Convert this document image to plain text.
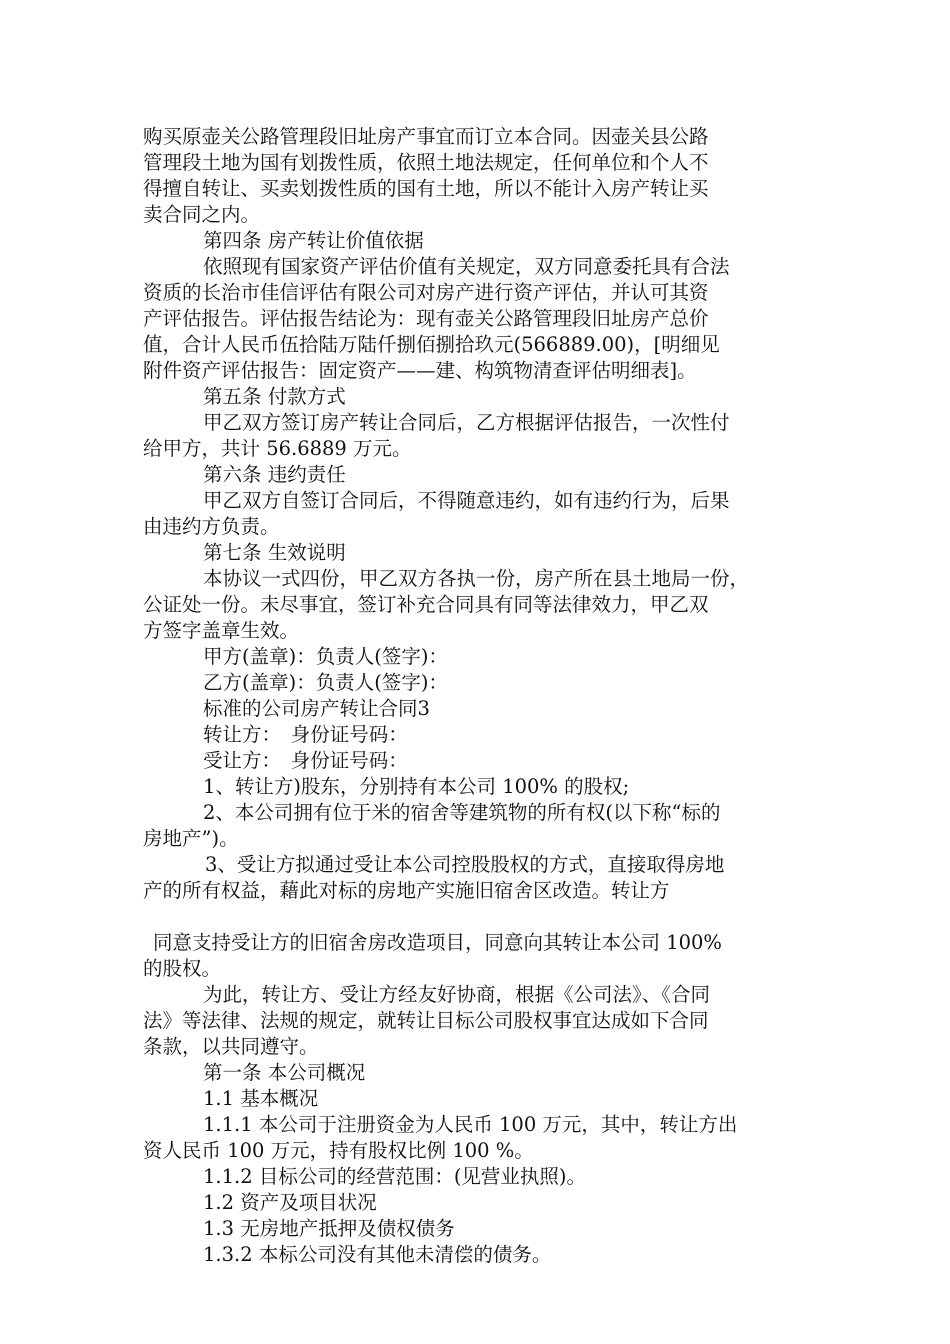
购买原壶关公路管理段旧址房产事宜而订立本合同。因壶关县公路

管理段土地为国有划拨性质，依照土地法规定，任何单位和个人不

得擅自转让、买卖划拨性质的国有土地，所以不能计入房产转让买

卖合同之内。

第四条 房产转让价值依据

依照现有国家资产评估价值有关规定，双方同意委托具有合法

资质的长治市佳信评估有限公司对房产进行资产评估，并认可其资

产评估报告。评估报告结论为：现有壶关公路管理段旧址房产总价

值，合计人民币伍拾陆万陆仟捌佰捌拾玖元(566889.00)，[明细见

附件资产评估报告：固定资产——建、构筑物清查评估明细表]。

第五条 付款方式

甲乙双方签订房产转让合同后，乙方根据评估报告，一次性付

给甲方，共计 56.6889 万元。

第六条 违约责任

甲乙双方自签订合同后，不得随意违约，如有违约行为，后果

由违约方负责。

第七条 生效说明

本协议一式四份，甲乙双方各执一份，房产所在县土地局一份，

公证处一份。未尽事宜，签订补充合同具有同等法律效力，甲乙双

方签字盖章生效。

甲方(盖章)：负责人(签字)：

乙方(盖章)：负责人(签字)：

标准的公司房产转让合同3

转让方：　身份证号码：

受让方：　身份证号码：

1、转让方)股东，分别持有本公司 100% 的股权;

2、本公司拥有位于米的宿舍等建筑物的所有权(以下称“标的

房地产”)。

3、受让方拟通过受让本公司控股股权的方式，直接取得房地

产的所有权益，藉此对标的房地产实施旧宿舍区改造。转让方

同意支持受让方的旧宿舍房改造项目，同意向其转让本公司 100%

的股权。

为此，转让方、受让方经友好协商，根据《公司法》、《合同

法》等法律、法规的规定，就转让目标公司股权事宜达成如下合同

条款，以共同遵守。

第一条 本公司概况

1.1 基本概况

1.1.1 本公司于注册资金为人民币 100 万元，其中，转让方出

资人民币 100 万元，持有股权比例 100 %。

1.1.2 目标公司的经营范围：(见营业执照)。

1.2 资产及项目状况

1.3 无房地产抵押及债权债务

1.3.2 本标公司没有其他未清偿的债务。
